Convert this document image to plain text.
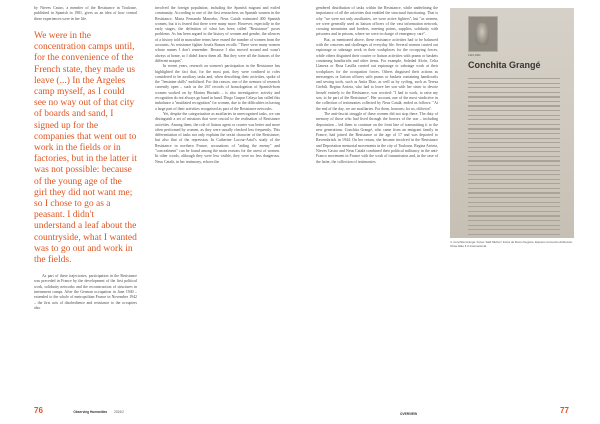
by Nieves Castro, a member of the Resistance in Toulouse, published in Spanish in 1981, gives us an idea of how central these experiences were in her life.

We were in the concentration camps until, for the convenience of the French state, they made us leave (...) In the Argeles camp myself, as I could see no way out of that city of boards and sand, I signed up for the companies that went out to work in the fields or in factories, but in the latter it was not possible: because of the young age of the girl they did not want me; so I chose to go as a peasant. I didn't understand a leaf about the countryside, what I wanted was to go out and work in the fields.

As part of these trajectories, participation in the Resistance was preceded in France by the development of the first political work, solidarity networks and the reconstruction of structures in internment camps. After the German occupation in June 1940 – extended to the whole of metropolitan France in November 1942 – the first acts of disobedience and resistance to the occupiers also

involved the foreign population, including the Spanish migrant and exiled community. According to one of the first researchers on Spanish women in the Resistance, Maria Fernanda Mancebo, Neus Català estimated 400 Spanish women, but it is feared that there were many more. However, especially in the early stages, the definition of what has been called "Resistance" poses problems. As has been argued in the history of women and gender, the silences of a history told in masculine terms have erased the number of women from the accounts. As resistance fighter Josefa Ramos recalls: "There were many women whose names I don't remember. Because I also moved around and wasn't always at home, so I didn't know them all. But they were all the liaisons of the different maquis".

In recent years, research on women's participation in the Resistance has highlighted the fact that, for the most part, they were confined to roles considered to be auxiliary tasks and, when describing their activities, spoke of the "feminine skills" mobilised. For this reason, one of the avenues of research currently open – such as the 267 records of homologation of Spanish-born women worked on by Marina Hurtado – is also investigative: activity and recognition do not always go hand in hand. Diego Gaspar Celaya has called this imbalance a "mutilated recognition" for women, due to the difficulties in having a large part of their activities recognised as part of the Resistance networks.

Yet, despite the categorisation as auxiliaries in unrecognised tasks, we can distinguish a set of missions that were crucial to the realisation of Resistance activities. Among them, the role of liaison agent or courier was better and more often performed by women, as they were usually checked less frequently. This differentiation of tasks not only explains the sexist character of the Resistance, but also that of the repression. In Catherine Lacour-Astol's study of the Resistance in northern France, accusations of "aiding the enemy" and "concealment" can be found among the main reasons for the arrest of women. In other words, although they were less visible, they were no less dangerous. Neus Català, in her testimony, echoes the

gendered distribution of tasks within the Resistance, while underlining the importance of all the activities that enabled the structural functioning. That is why "we were not only auxiliaries, we were active fighters", but "as women, we were generally used as liaison officers of the vast information network, crossing mountains and borders, meeting points, supplies, solidarity with prisoners and in prisons, where we were in charge of emergency care".

But, as mentioned above, these resistance activities had to be balanced with the concerns and challenges of everyday life. Several women carried out espionage or sabotage work in their workplaces for the occupying forces, while others disguised their courier or liaison activities with prams or baskets containing handicrafts and other items. For example, Soledad Alcón, Celia Llaneza or Rosa Lavilla carried out espionage or sabotage work at their workplaces for the occupation forces. Others disguised their actions as messengers or liaison officers with prams or baskets containing handicrafts and sewing tools, such as Anita Díaz, as well as by cycling, such as Teresa Grebili. Regina Arrieta, who had to leave her son with her sister to devote herself entirely to the Resistance, was worried: "I had to work, to raise my son, to be part of the Resistance". Her account, one of the most vindictive in the collection of testimonies collected by Neus Català, ended as follows: "At the end of the day, we are auxiliaries. For them, honours; for us, oblivion".

The anti-fascist struggle of these women did not stop there. The duty of memory of those who had lived through the horrors of the war – including deportation – led them to continue on the front line of transmitting it to the new generations. Conchita Grangé, who came from an emigrant family in France, had joined the Resistance at the age of 17 and was deported to Ravensbrück in 1944. On her return, she became involved in the Resistance and Deportation memorial movements in the city of Toulouse. Regina Arrieta, Nieves Castro and Neus Català combined their political militancy in the anti-Franco movement in France with the work of transmission and, in the case of the latter, the collection of testimonies.

1923-1994
Conchita Grangé
4. Conchita Grangé. Fotos: Sald Michel / Fotos de Rocío Negrete. Espacio Comercio Atribución-Otras Alike 4.0 Internacional.
76	Observing Humanities 2024/2	OVERVIEW	77
